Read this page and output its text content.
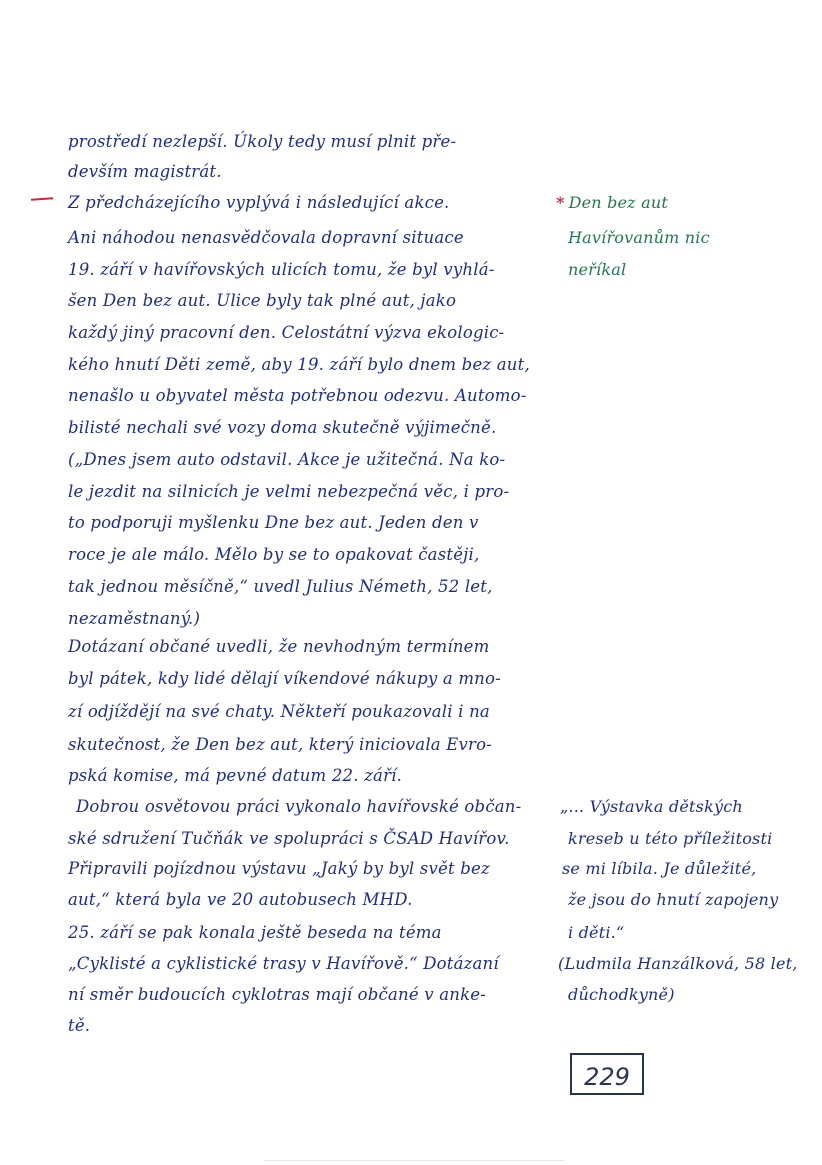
prostředí nezlepší. Úkoly tedy musí plnit pře-
devším magistrát.
Z předcházejícího vyplývá i následující akce.
Ani náhodou nenasvědčovala dopravní situace
19. září v havířovských ulicích tomu, že byl vyhlá-
šen Den bez aut. Ulice byly tak plné aut, jako
každý jiný pracovní den. Celostátní výzva ekologic-
kého hnutí Děti země, aby 19. září bylo dnem bez aut,
nenašlo u obyvatel města potřebnou odezvu. Automo-
bilisté nechali své vozy doma skutečně výjimečně.
(„Dnes jsem auto odstavil. Akce je užitečná. Na ko-
le jezdit na silnicích je velmi nebezpečná věc, i pro-
to podporuji myšlenku Dne bez aut. Jeden den v
roce je ale málo. Mělo by se to opakovat častěji,
tak jednou měsíčně,“ uvedl Julius Németh, 52 let,
nezaměstnaný.)
Dotázaní občané uvedli, že nevhodným termínem
byl pátek, kdy lidé dělají víkendové nákupy a mno-
zí odjíždějí na své chaty. Někteří poukazovali i na
skutečnost, že Den bez aut, který iniciovala Evro-
pská komise, má pevné datum 22. září.
Dobrou osvětovou práci vykonalo havířovské občan-
ské sdružení Tučňák ve spolupráci s ČSAD Havířov.
Připravili pojízdnou výstavu „Jaký by byl svět bez
aut,“ která byla ve 20 autobusech MHD.
25. září se pak konala ještě beseda na téma
„Cyklisté a cyklistické trasy v Havířově.“ Dotázaní
ní směr budoucích cyklotras mají občané v anke-
tě.
* Den bez aut
Havířovanům nic
neříkal
„... Výstavka dětských
kreseb u této příležitosti
se mi líbila. Je důležité,
že jsou do hnutí zapojeny
i děti.“
(Ludmila Hanzálková, 58 let,
důchodkyně)
229
